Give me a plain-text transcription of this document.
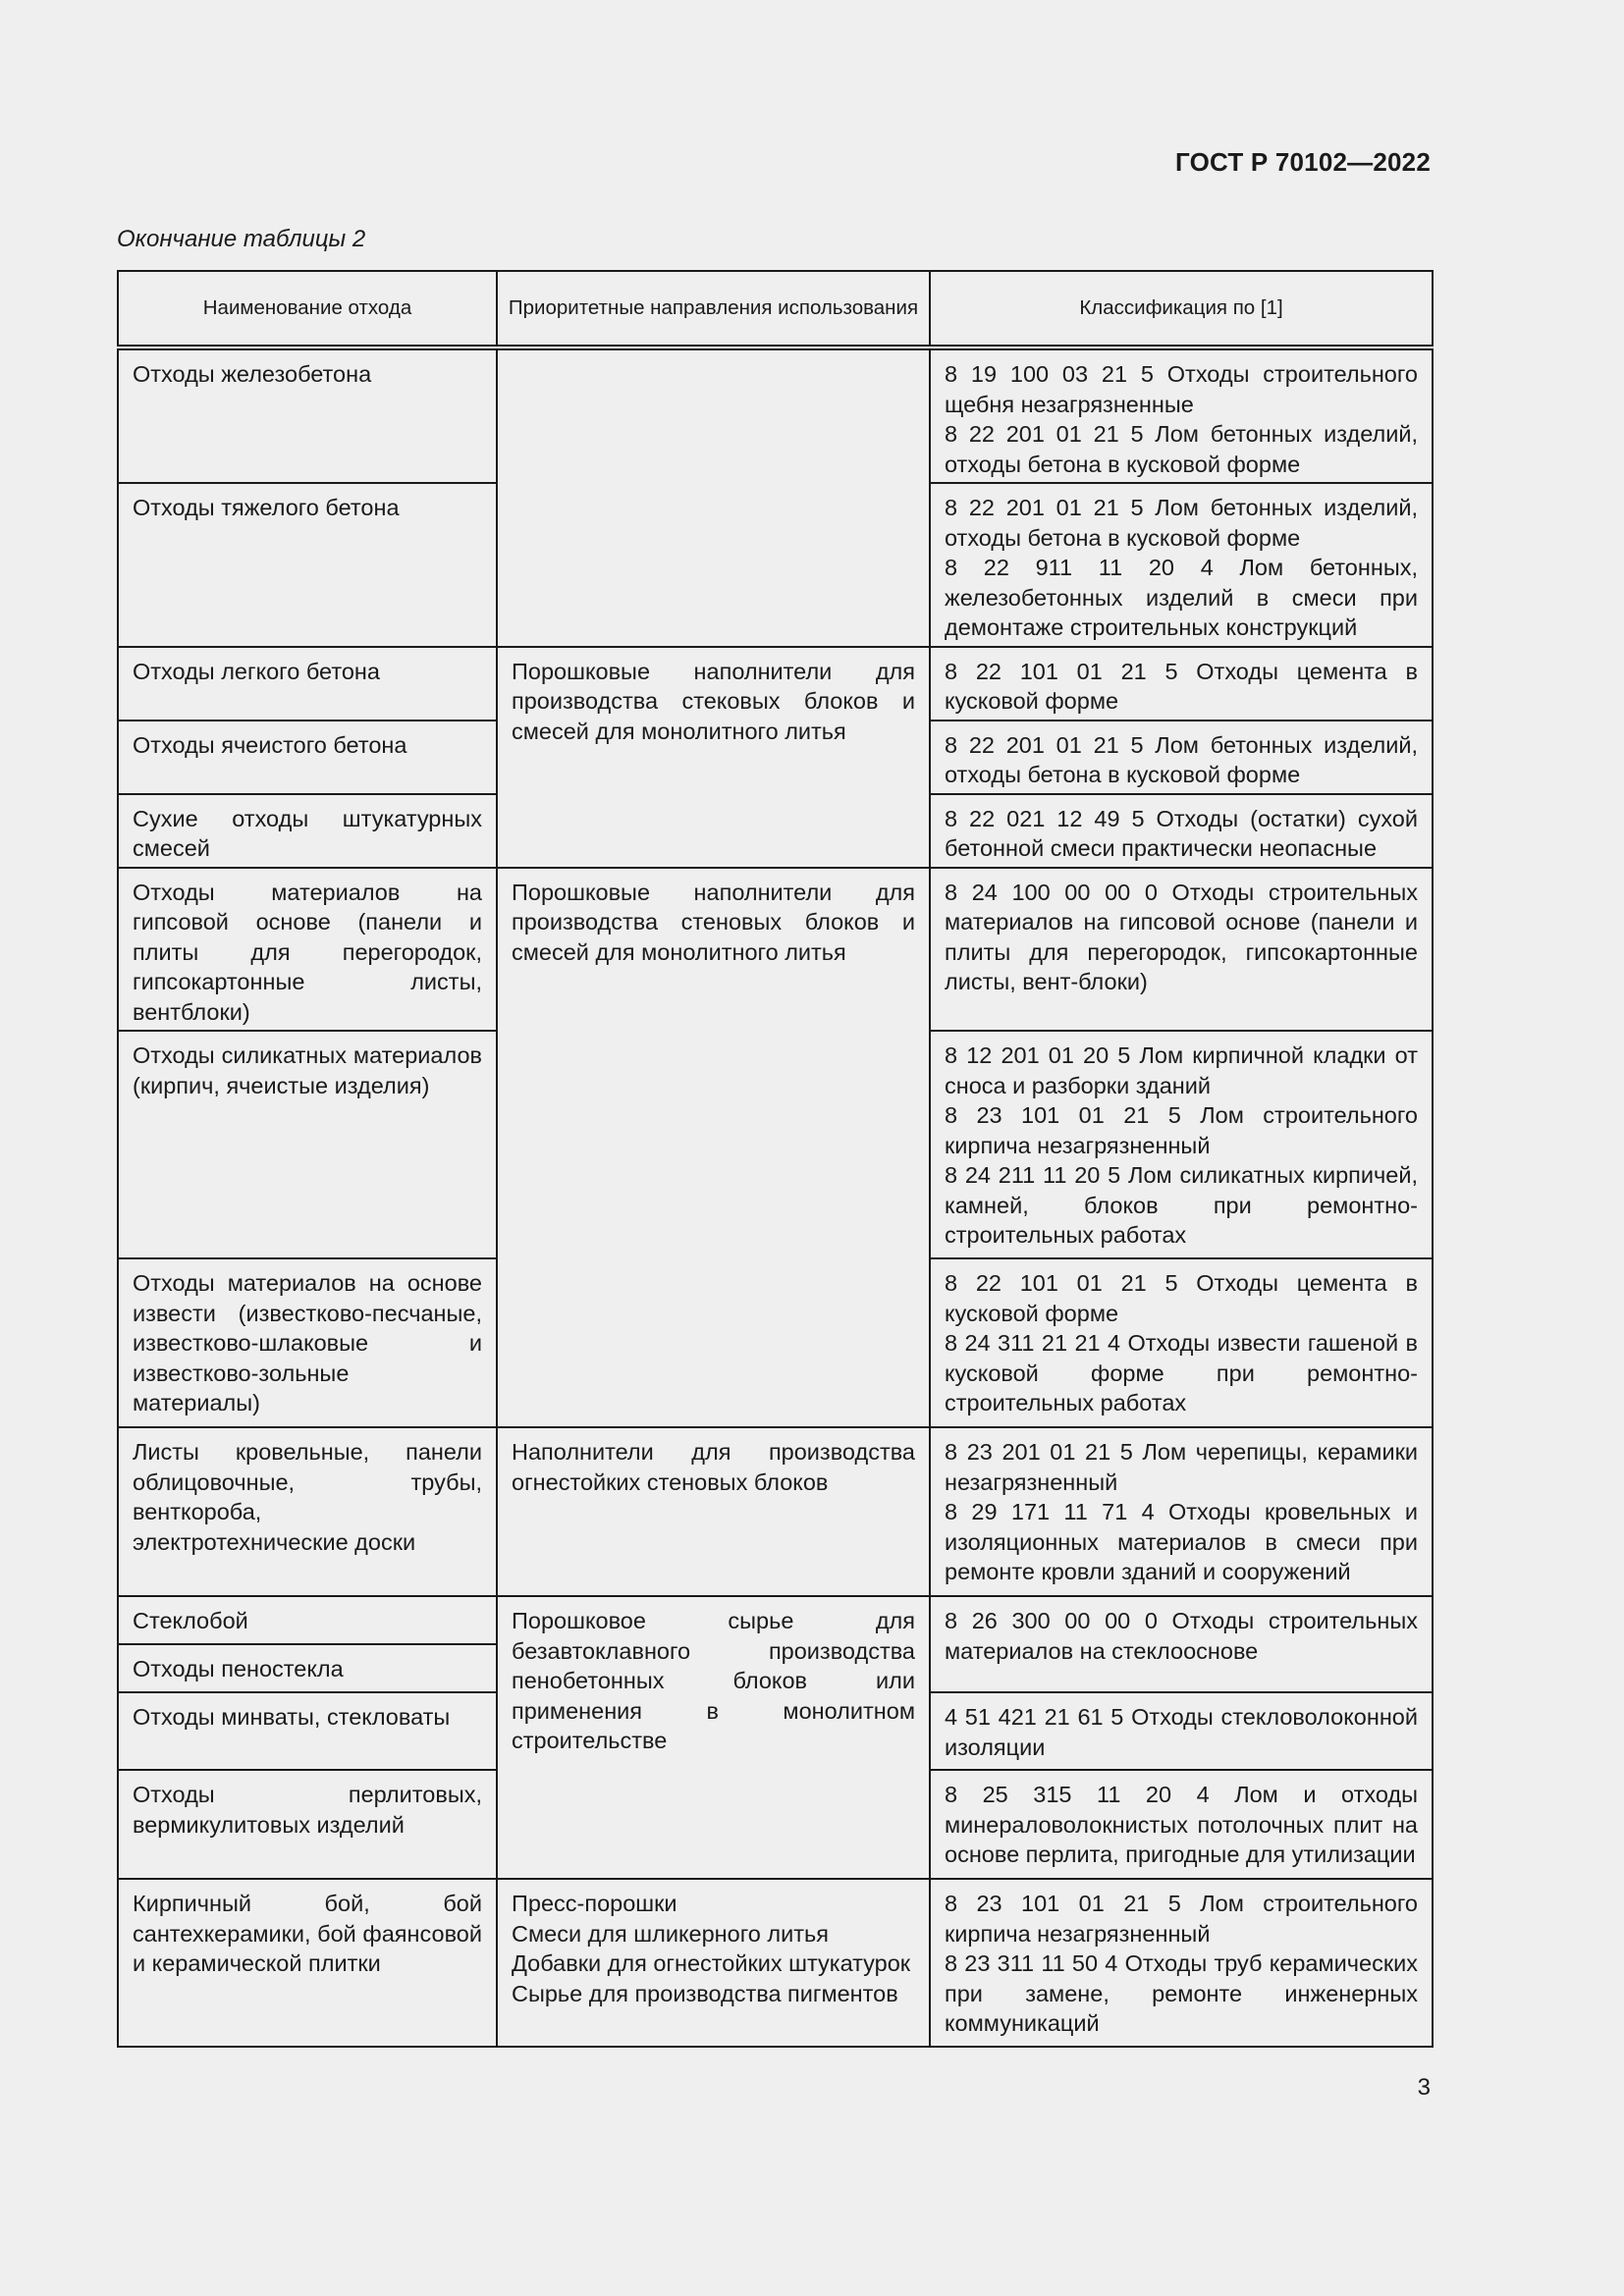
ГОСТ Р 70102—2022
Окончание таблицы 2
Наименование отхода	Приоритетные направления использования	Классификация по [1]
Отходы железобетона		8 19 100 03 21 5 Отходы строительного щебня незагрязненные
8 22 201 01 21 5 Лом бетонных изделий, отходы бетона в кусковой форме

Отходы тяжелого бетона		8 22 201 01 21 5 Лом бетонных изделий, отходы бетона в кусковой форме
8 22 911 11 20 4 Лом бетонных, железобетонных изделий в смеси при демонтаже строительных конструкций

Отходы легкого бетона	Порошковые наполнители для производства стековых блоков и смесей для монолитного литья	8 22 101 01 21 5 Отходы цемента в кусковой форме

Отходы ячеистого бетона		8 22 201 01 21 5 Лом бетонных изделий, отходы бетона в кусковой форме

Сухие отходы штукатурных смесей		8 22 021 12 49 5 Отходы (остатки) сухой бетонной смеси практически неопасные

Отходы материалов на гипсовой основе (панели и плиты для перегородок, гипсокартонные листы, вентблоки)	Порошковые наполнители для производства стеновых блоков и смесей для монолитного литья	8 24 100 00 00 0 Отходы строительных материалов на гипсовой основе (панели и плиты для перегородок, гипсокартонные листы, вент-блоки)

Отходы силикатных материалов (кирпич, ячеистые изделия)		8 12 201 01 20 5 Лом кирпичной кладки от сноса и разборки зданий
8 23 101 01 21 5 Лом строительного кирпича незагрязненный
8 24 211 11 20 5 Лом силикатных кирпичей, камней, блоков при ремонтно-строительных работах

Отходы материалов на основе извести (известково-песчаные, известково-шлаковые и известково-зольные материалы)		8 22 101 01 21 5 Отходы цемента в кусковой форме
8 24 311 21 21 4 Отходы извести гашеной в кусковой форме при ремонтно-строительных работах

Листы кровельные, панели облицовочные, трубы, венткороба, электротехнические доски	Наполнители для производства огнестойких стеновых блоков	8 23 201 01 21 5 Лом черепицы, керамики незагрязненный
8 29 171 11 71 4 Отходы кровельных и изоляционных материалов в смеси при ремонте кровли зданий и сооружений

Стеклобой	Порошковое сырье для безавтоклавного производства пенобетонных блоков или применения в монолитном строительстве	8 26 300 00 00 0 Отходы строительных материалов на стеклооснове

Отходы пеностекла		
Отходы минваты, стекловаты		4 51 421 21 61 5 Отходы стекловолоконной изоляции

Отходы перлитовых, вермикулитовых изделий		8 25 315 11 20 4 Лом и отходы минераловолокнистых потолочных плит на основе перлита, пригодные для утилизации

Кирпичный бой, бой сантехкерамики, бой фаянсовой и керамической плитки	Пресс-порошки
Смеси для шликерного литья
Добавки для огнестойких штукатурок
Сырье для производства пигментов	8 23 101 01 21 5 Лом строительного кирпича незагрязненный
8 23 311 11 50 4 Отходы труб керамических при замене, ремонте инженерных коммуникаций
3
